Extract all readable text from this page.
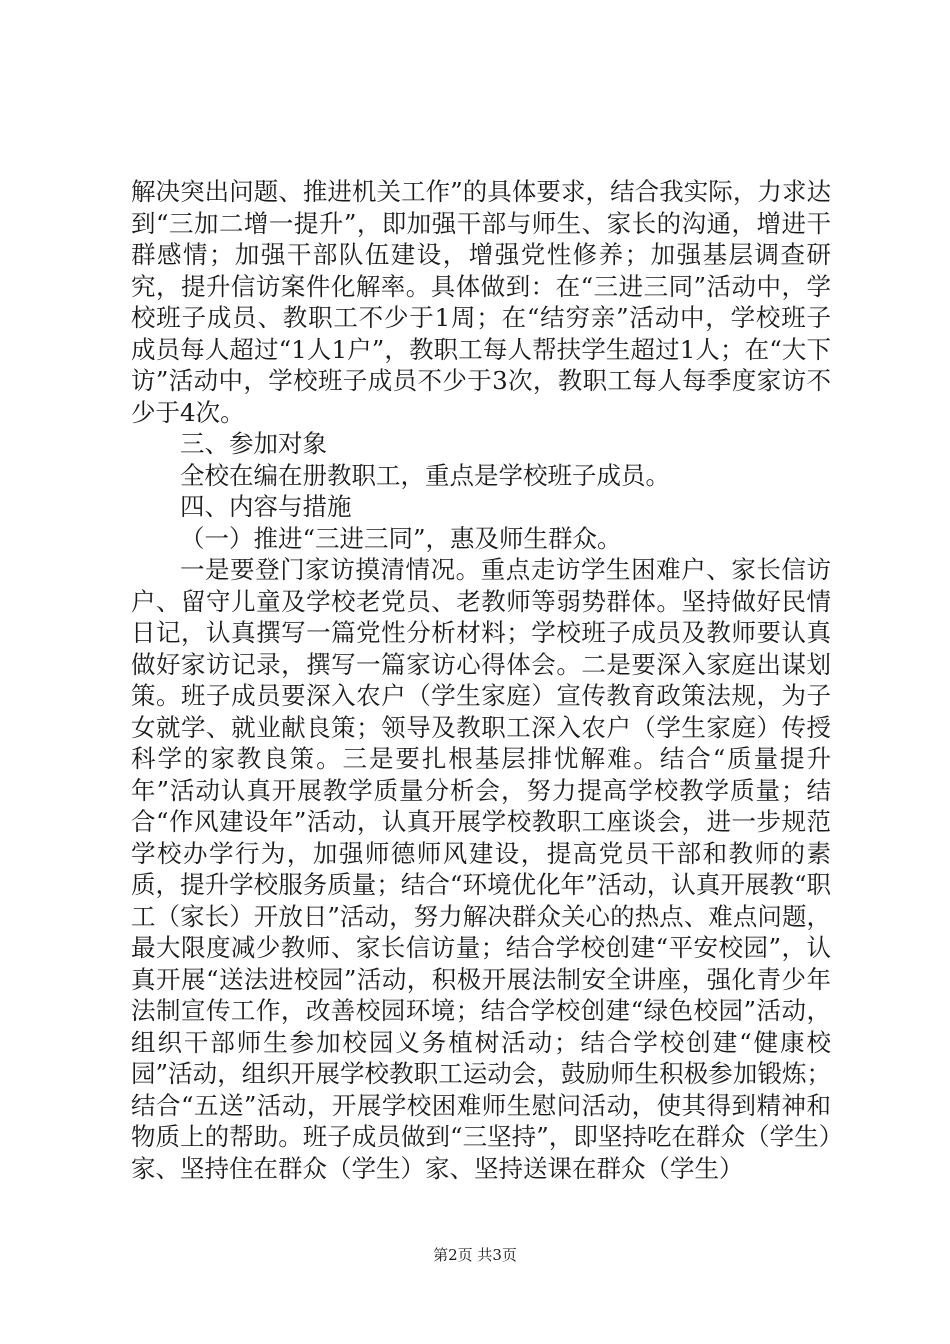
解决突出问题、推进机关工作”的具体要求，结合我实际，力求达到“三加二增一提升”，即加强干部与师生、家长的沟通，增进干群感情；加强干部队伍建设，增强党性修养；加强基层调查研究，提升信访案件化解率。具体做到：在“三进三同”活动中，学校班子成员、教职工不少于1周；在“结穷亲”活动中，学校班子成员每人超过“1人1户”，教职工每人帮扶学生超过1人；在“大下访”活动中，学校班子成员不少于3次，教职工每人每季度家访不少于4次。

三、参加对象

全校在编在册教职工，重点是学校班子成员。

四、内容与措施

（一）推进“三进三同”，惠及师生群众。

一是要登门家访摸清情况。重点走访学生困难户、家长信访户、留守儿童及学校老党员、老教师等弱势群体。坚持做好民情日记，认真撰写一篇党性分析材料；学校班子成员及教师要认真做好家访记录，撰写一篇家访心得体会。二是要深入家庭出谋划策。班子成员要深入农户（学生家庭）宣传教育政策法规，为子女就学、就业献良策；领导及教职工深入农户（学生家庭）传授科学的家教良策。三是要扎根基层排忧解难。结合“质量提升年”活动认真开展教学质量分析会，努力提高学校教学质量；结合“作风建设年”活动，认真开展学校教职工座谈会，进一步规范学校办学行为，加强师德师风建设，提高党员干部和教师的素质，提升学校服务质量；结合“环境优化年”活动，认真开展教“职工（家长）开放日”活动，努力解决群众关心的热点、难点问题，最大限度减少教师、家长信访量；结合学校创建“平安校园”，认真开展“送法进校园”活动，积极开展法制安全讲座，强化青少年法制宣传工作，改善校园环境；结合学校创建“绿色校园”活动，组织干部师生参加校园义务植树活动；结合学校创建“健康校园”活动，组织开展学校教职工运动会，鼓励师生积极参加锻炼；结合“五送”活动，开展学校困难师生慰问活动，使其得到精神和物质上的帮助。班子成员做到“三坚持”，即坚持吃在群众（学生）家、坚持住在群众（学生）家、坚持送课在群众（学生）

第2页 共3页
